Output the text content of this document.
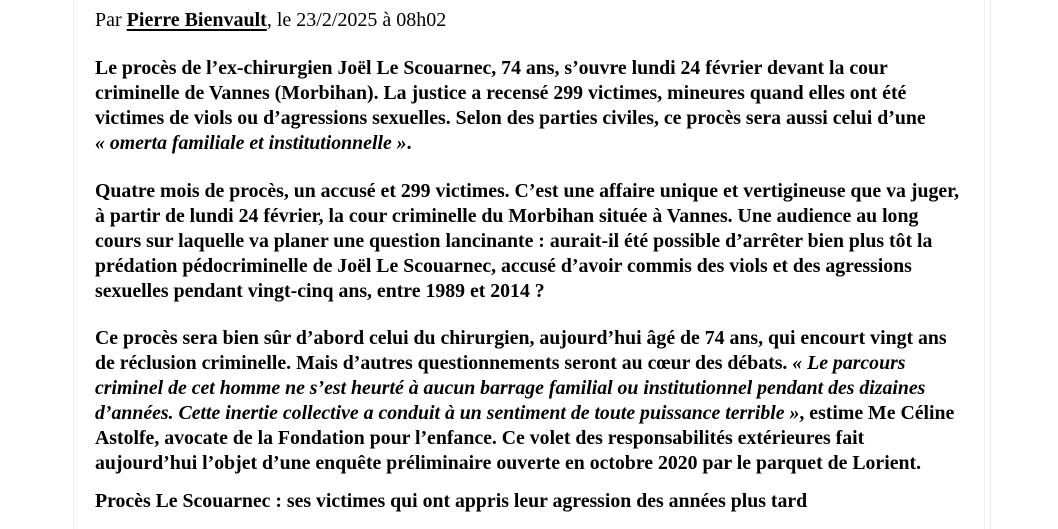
Par Pierre Bienvault, le 23/2/2025 à 08h02

Le procès de l’ex-chirurgien Joël Le Scouarnec, 74 ans, s’ouvre lundi 24 février devant la cour criminelle de Vannes (Morbihan). La justice a recensé 299 victimes, mineures quand elles ont été victimes de viols ou d’agressions sexuelles. Selon des parties civiles, ce procès sera aussi celui d’une « omerta familiale et institutionnelle ».

Quatre mois de procès, un accusé et 299 victimes. C’est une affaire unique et vertigineuse que va juger, à partir de lundi 24 février, la cour criminelle du Morbihan située à Vannes. Une audience au long cours sur laquelle va planer une question lancinante : aurait-il été possible d’arrêter bien plus tôt la prédation pédocriminelle de Joël Le Scouarnec, accusé d’avoir commis des viols et des agressions sexuelles pendant vingt-cinq ans, entre 1989 et 2014 ?

Ce procès sera bien sûr d’abord celui du chirurgien, aujourd’hui âgé de 74 ans, qui encourt vingt ans de réclusion criminelle. Mais d’autres questionnements seront au cœur des débats. « Le parcours criminel de cet homme ne s’est heurté à aucun barrage familial ou institutionnel pendant des dizaines d’années. Cette inertie collective a conduit à un sentiment de toute puissance terrible », estime Me Céline Astolfe, avocate de la Fondation pour l’enfance. Ce volet des responsabilités extérieures fait aujourd’hui l’objet d’une enquête préliminaire ouverte en octobre 2020 par le parquet de Lorient.

Procès Le Scouarnec : ses victimes qui ont appris leur agression des années plus tard
